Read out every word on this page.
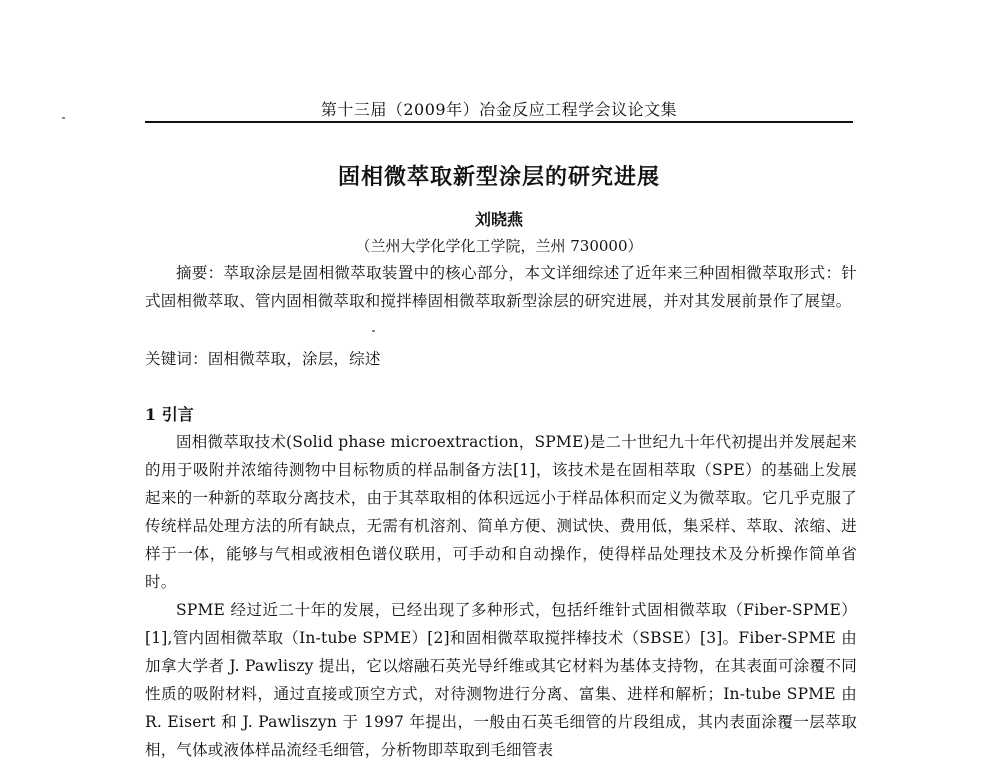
第十三届（2009年）冶金反应工程学会议论文集
固相微萃取新型涂层的研究进展
刘晓燕
（兰州大学化学化工学院，兰州 730000）

摘要：萃取涂层是固相微萃取装置中的核心部分，本文详细综述了近年来三种固相微萃取形式：针式固相微萃取、管内固相微萃取和搅拌棒固相微萃取新型涂层的研究进展，并对其发展前景作了展望。

关键词：固相微萃取，涂层，综述

1 引言

固相微萃取技术(Solid phase microextraction，SPME)是二十世纪九十年代初提出并发展起来的用于吸附并浓缩待测物中目标物质的样品制备方法[1]，该技术是在固相萃取（SPE）的基础上发展起来的一种新的萃取分离技术，由于其萃取相的体积远远小于样品体积而定义为微萃取。它几乎克服了传统样品处理方法的所有缺点，无需有机溶剂、简单方便、测试快、费用低，集采样、萃取、浓缩、进样于一体，能够与气相或液相色谱仪联用，可手动和自动操作，使得样品处理技术及分析操作简单省时。

SPME 经过近二十年的发展，已经出现了多种形式，包括纤维针式固相微萃取（Fiber-SPME）[1],管内固相微萃取（In-tube SPME）[2]和固相微萃取搅拌棒技术（SBSE）[3]。Fiber-SPME 由加拿大学者 J. Pawliszy 提出，它以熔融石英光导纤维或其它材料为基体支持物，在其表面可涂覆不同性质的吸附材料，通过直接或顶空方式，对待测物进行分离、富集、进样和解析；In-tube SPME 由 R. Eisert 和 J. Pawliszyn 于 1997 年提出，一般由石英毛细管的片段组成，其内表面涂覆一层萃取相，气体或液体样品流经毛细管，分析物即萃取到毛细管表
